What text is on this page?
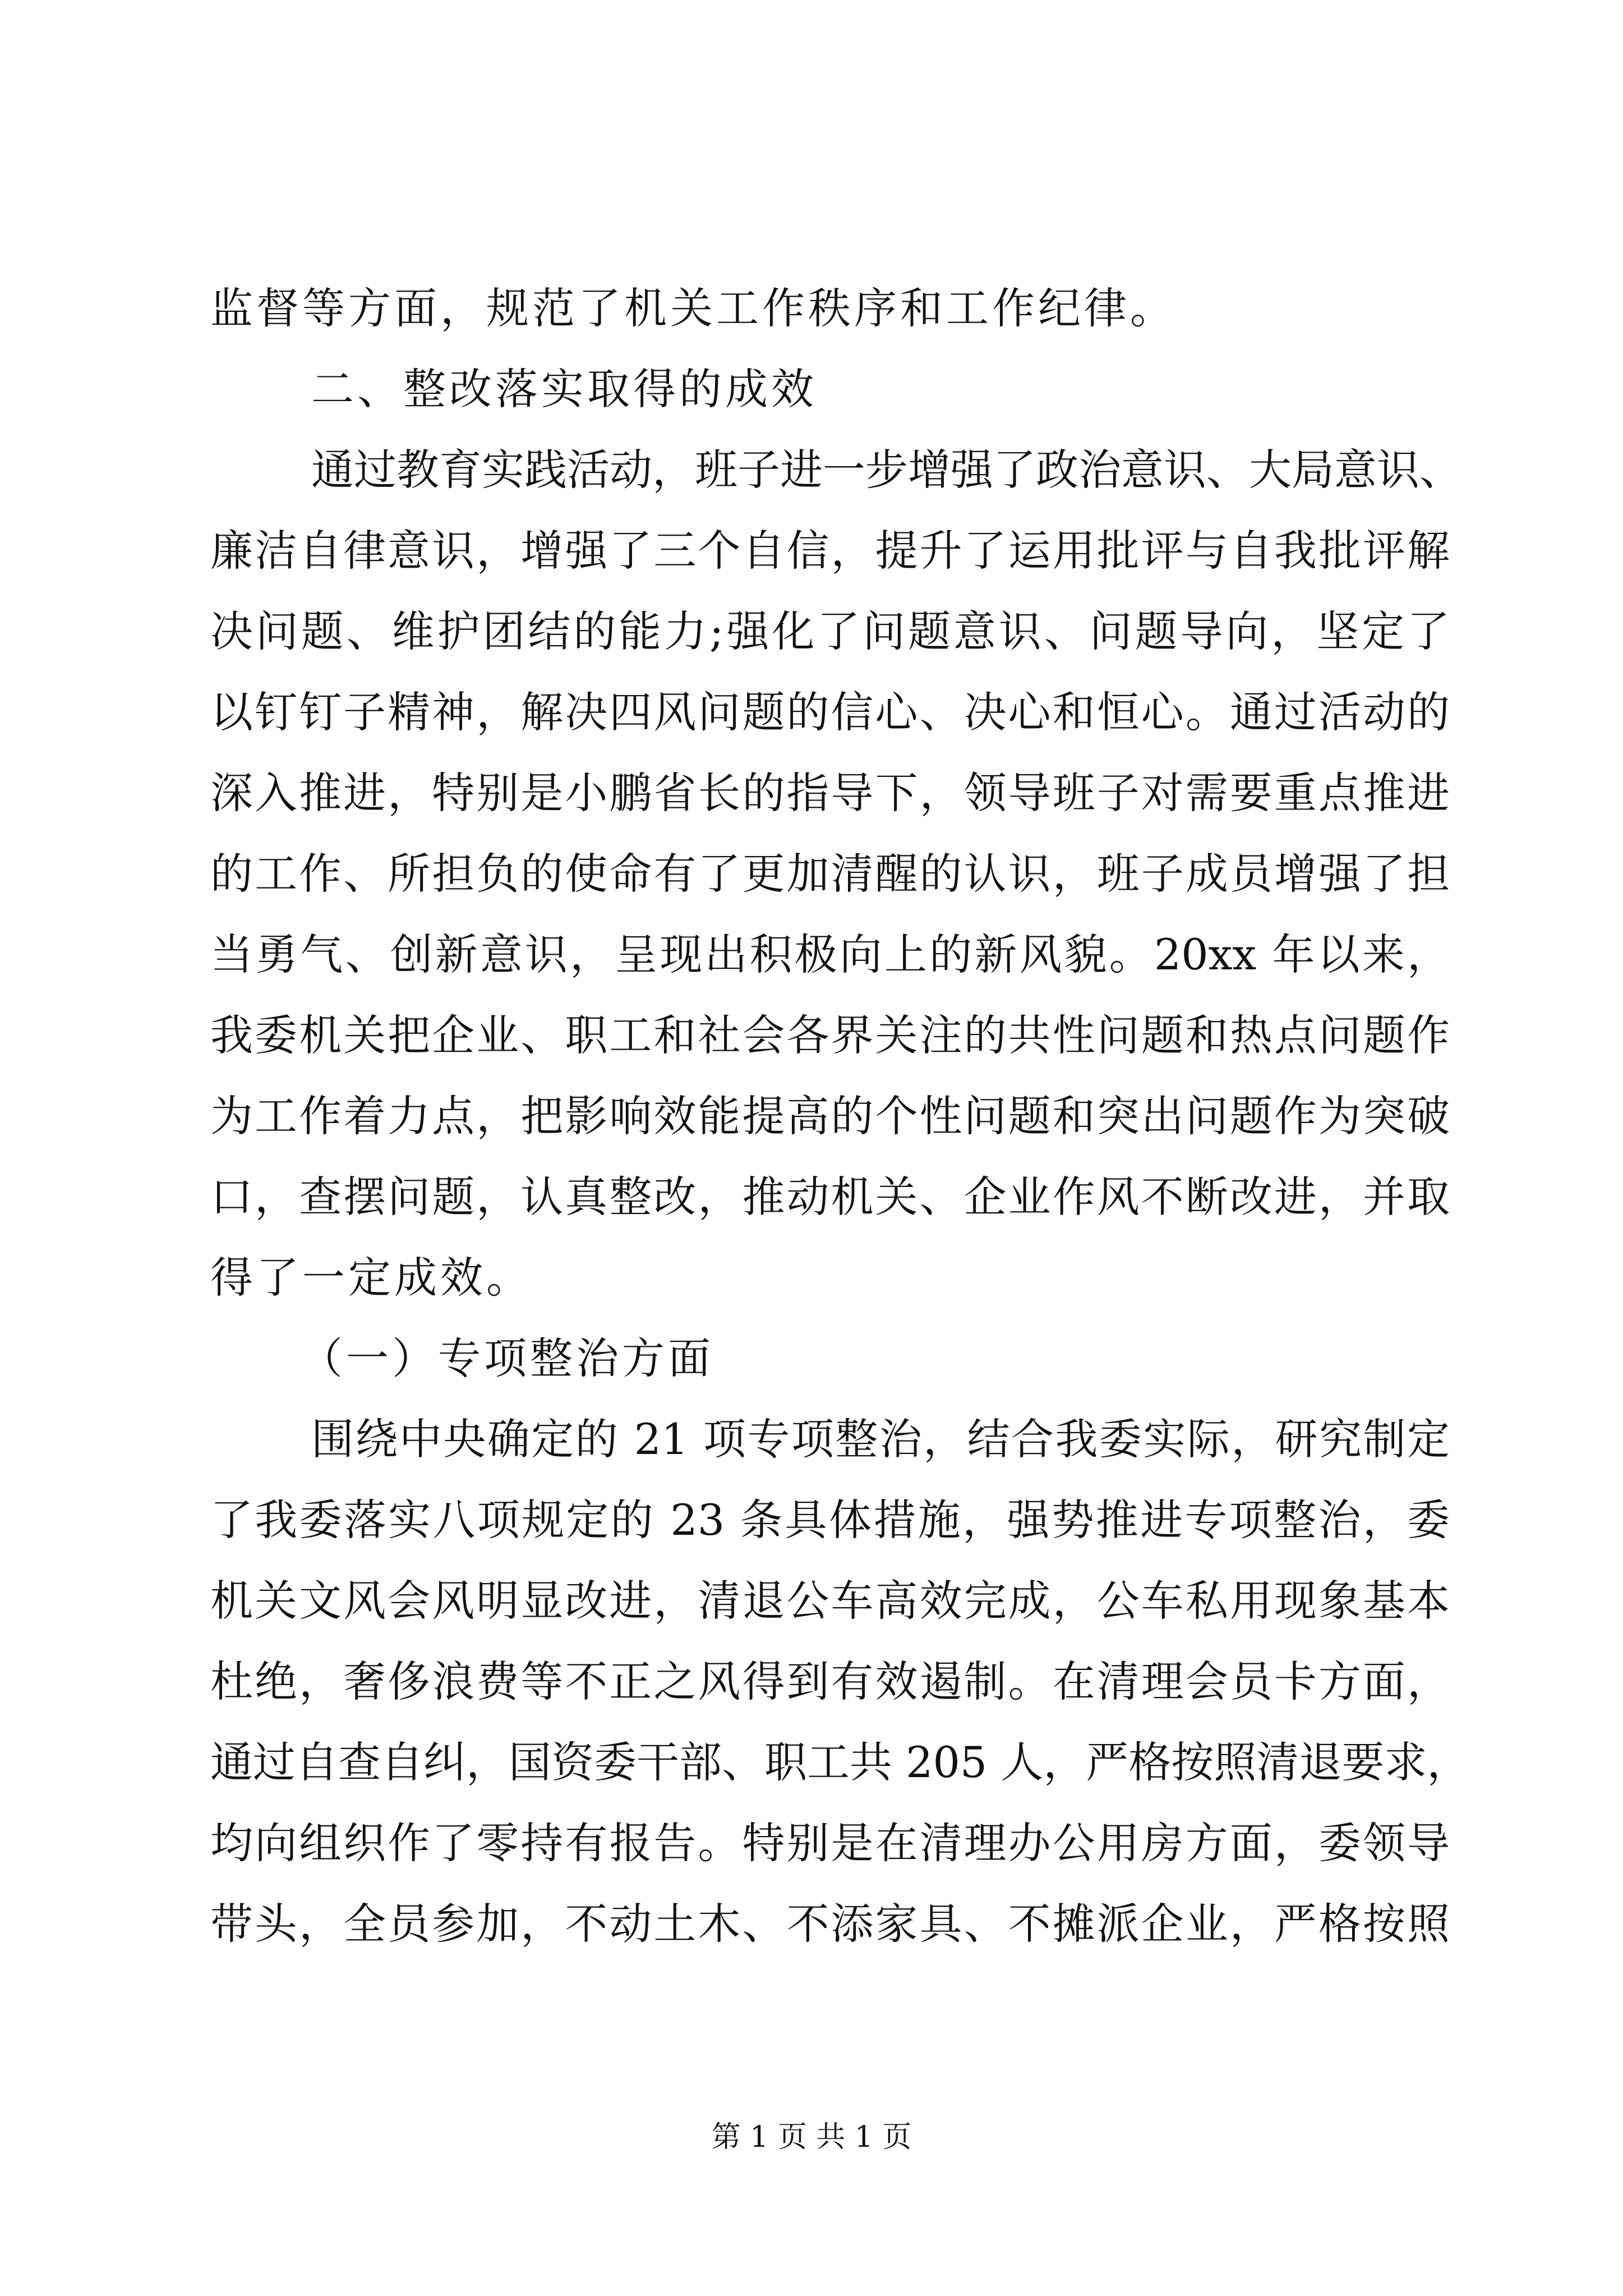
监督等方面，规范了机关工作秩序和工作纪律。
二、整改落实取得的成效
通过教育实践活动，班子进一步增强了政治意识、大局意识、
廉洁自律意识，增强了三个自信，提升了运用批评与自我批评解
决问题、维护团结的能力;强化了问题意识、问题导向，坚定了
以钉钉子精神，解决四风问题的信心、决心和恒心。通过活动的
深入推进，特别是小鹏省长的指导下，领导班子对需要重点推进
的工作、所担负的使命有了更加清醒的认识，班子成员增强了担
当勇气、创新意识，呈现出积极向上的新风貌。20xx 年以来，
我委机关把企业、职工和社会各界关注的共性问题和热点问题作
为工作着力点，把影响效能提高的个性问题和突出问题作为突破
口，查摆问题，认真整改，推动机关、企业作风不断改进，并取
得了一定成效。
（一）专项整治方面
围绕中央确定的 21 项专项整治，结合我委实际，研究制定
了我委落实八项规定的 23 条具体措施，强势推进专项整治，委
机关文风会风明显改进，清退公车高效完成，公车私用现象基本
杜绝，奢侈浪费等不正之风得到有效遏制。在清理会员卡方面，
通过自查自纠，国资委干部、职工共 205 人，严格按照清退要求，
均向组织作了零持有报告。特别是在清理办公用房方面，委领导
带头，全员参加，不动土木、不添家具、不摊派企业，严格按照
第 1 页 共 1 页
